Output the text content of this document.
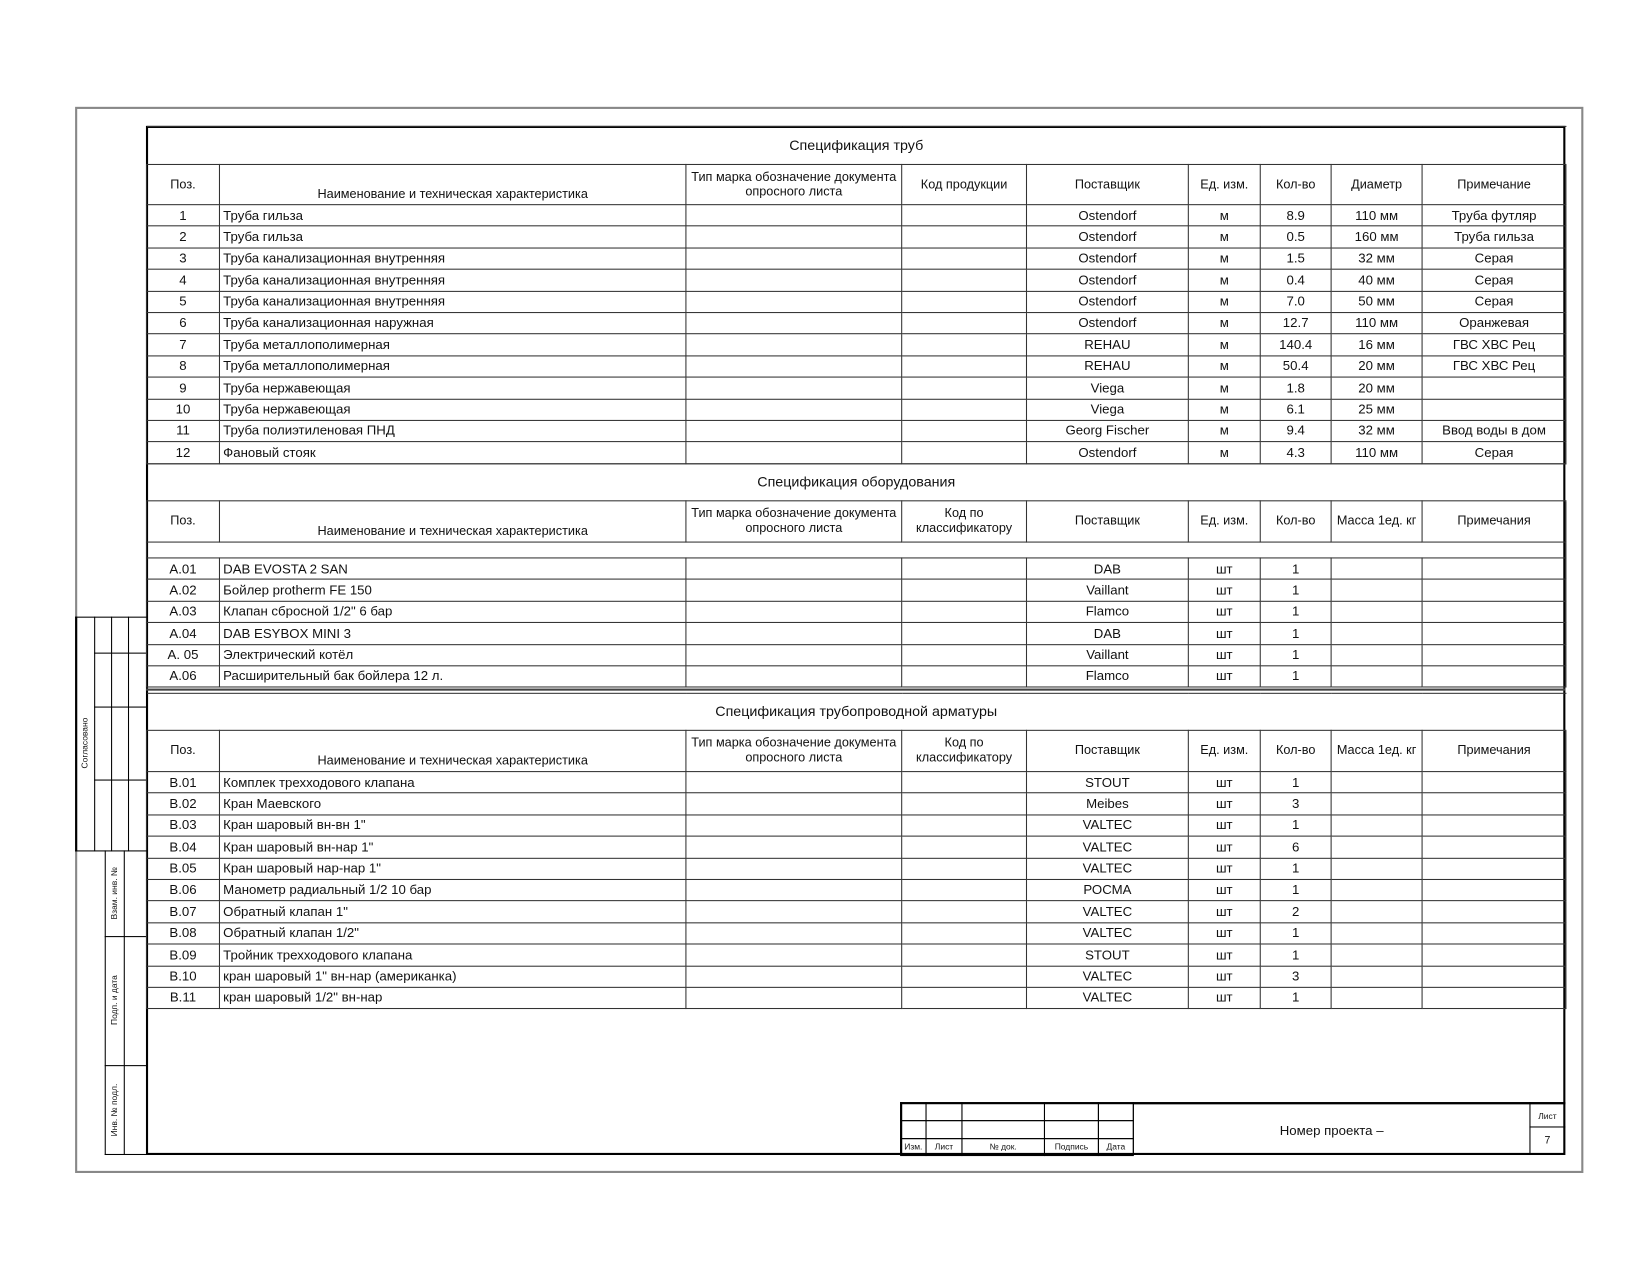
Спецификация труб								
Поз.	Наименование и техническая характеристика	Тип марка обозначение документа опросного листа	Код продукции	Поставщик	Ед. изм.	Кол-во	Диаметр	Примечание
1	Труба гильза			Ostendorf	м	8.9	110 мм	Труба футляр
2	Труба гильза			Ostendorf	м	0.5	160 мм	Труба гильза
3	Труба канализационная внутренняя			Ostendorf	м	1.5	32 мм	Серая
4	Труба канализационная внутренняя			Ostendorf	м	0.4	40 мм	Серая
5	Труба канализационная внутренняя			Ostendorf	м	7.0	50 мм	Серая
6	Труба канализационная наружная			Ostendorf	м	12.7	110 мм	Оранжевая
7	Труба металлополимерная			REHAU	м	140.4	16 мм	ГВС ХВС Рец
8	Труба металлополимерная			REHAU	м	50.4	20 мм	ГВС ХВС Рец
9	Труба нержавеющая			Viega	м	1.8	20 мм	
10	Труба нержавеющая			Viega	м	6.1	25 мм	
11	Труба полиэтиленовая ПНД			Georg Fischer	м	9.4	32 мм	Ввод воды в дом
12	Фановый стояк			Ostendorf	м	4.3	110 мм	Серая
Спецификация оборудования								
Поз.	Наименование и техническая характеристика	Тип марка обозначение документа опросного листа	Код по классификатору	Поставщик	Ед. изм.	Кол-во	Масса 1ед. кг	Примечания

A.01	DAB EVOSTA 2 SAN			DAB	шт	1		
A.02	Бойлер protherm FE 150			Vaillant	шт	1		
A.03	Клапан сбросной 1/2" 6 бар			Flamco	шт	1		
A.04	DAB ESYBOX MINI 3			DAB	шт	1		
A. 05	Электрический котёл			Vaillant	шт	1		
A.06	Расширительный бак бойлера 12 л.			Flamco	шт	1		
Спецификация трубопроводной арматуры								
Поз.	Наименование и техническая характеристика	Тип марка обозначение документа опросного листа	Код по классификатору	Поставщик	Ед. изм.	Кол-во	Масса 1ед. кг	Примечания
B.01	Комплек трехходового клапана			STOUT	шт	1		
B.02	Кран Маевского			Meibes	шт	3		
B.03	Кран шаровый вн-вн 1"			VALTEC	шт	1		
B.04	Кран шаровый вн-нар 1"			VALTEC	шт	6		
B.05	Кран шаровый нар-нар 1"			VALTEC	шт	1		
B.06	Манометр радиальный 1/2 10 бар			РОСМА	шт	1		
B.07	Обратный клапан 1"			VALTEC	шт	2		
B.08	Обратный клапан 1/2"			VALTEC	шт	1		
B.09	Тройник трехходового клапана			STOUT	шт	1		
B.10	кран шаровый 1" вн-нар (американка)			VALTEC	шт	3		
B.11	кран шаровый 1/2" вн-нар			VALTEC	шт	1		
Согласовано
Взам. инв. №
Подп. и дата
Инв. № подл.
Изм.	Лист	№ док.	Подпись	Дата
Номер проекта –
Лист
7
